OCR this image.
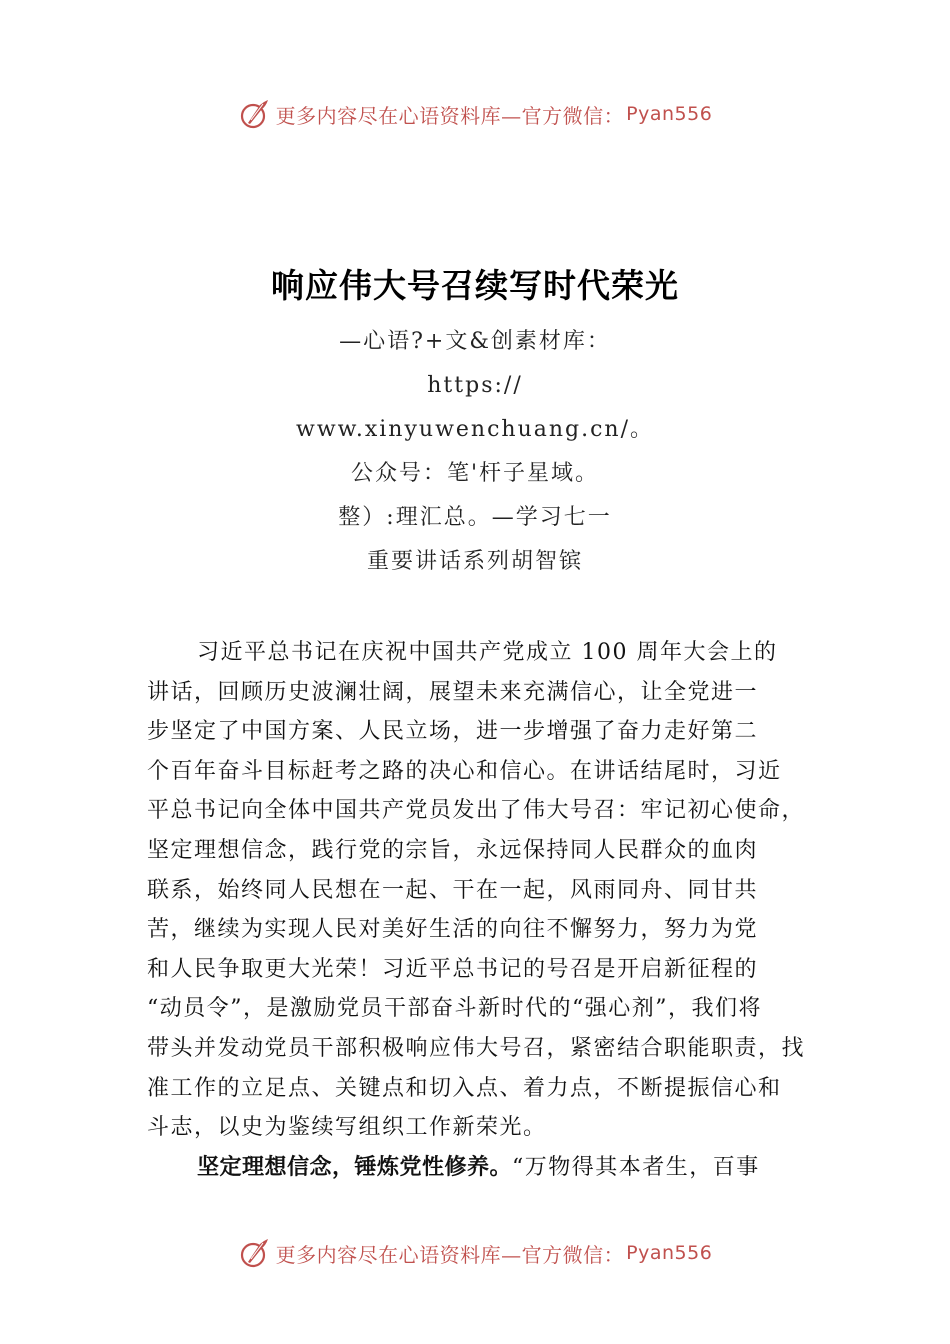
更多内容尽在心语资料库—官方微信： Pyan556
响应伟大号召续写时代荣光
—心语?+文&创素材库：
https://
www.xinyuwenchuang.cn/。
公众号：笔'杆子星域。
整）:理汇总。—学习七一
重要讲话系列胡智镔
习近平总书记在庆祝中国共产党成立 100 周年大会上的
讲话，回顾历史波澜壮阔，展望未来充满信心，让全党进一
步坚定了中国方案、人民立场，进一步增强了奋力走好第二
个百年奋斗目标赶考之路的决心和信心。在讲话结尾时，习近
平总书记向全体中国共产党员发出了伟大号召：牢记初心使命，
坚定理想信念，践行党的宗旨，永远保持同人民群众的血肉
联系，始终同人民想在一起、干在一起，风雨同舟、同甘共
苦，继续为实现人民对美好生活的向往不懈努力，努力为党
和人民争取更大光荣！习近平总书记的号召是开启新征程的
“动员令”，是激励党员干部奋斗新时代的“强心剂”，我们将
带头并发动党员干部积极响应伟大号召，紧密结合职能职责，找
准工作的立足点、关键点和切入点、着力点，不断提振信心和
斗志，以史为鉴续写组织工作新荣光。
坚定理想信念，锤炼党性修养。“万物得其本者生，百事
更多内容尽在心语资料库—官方微信： Pyan556
